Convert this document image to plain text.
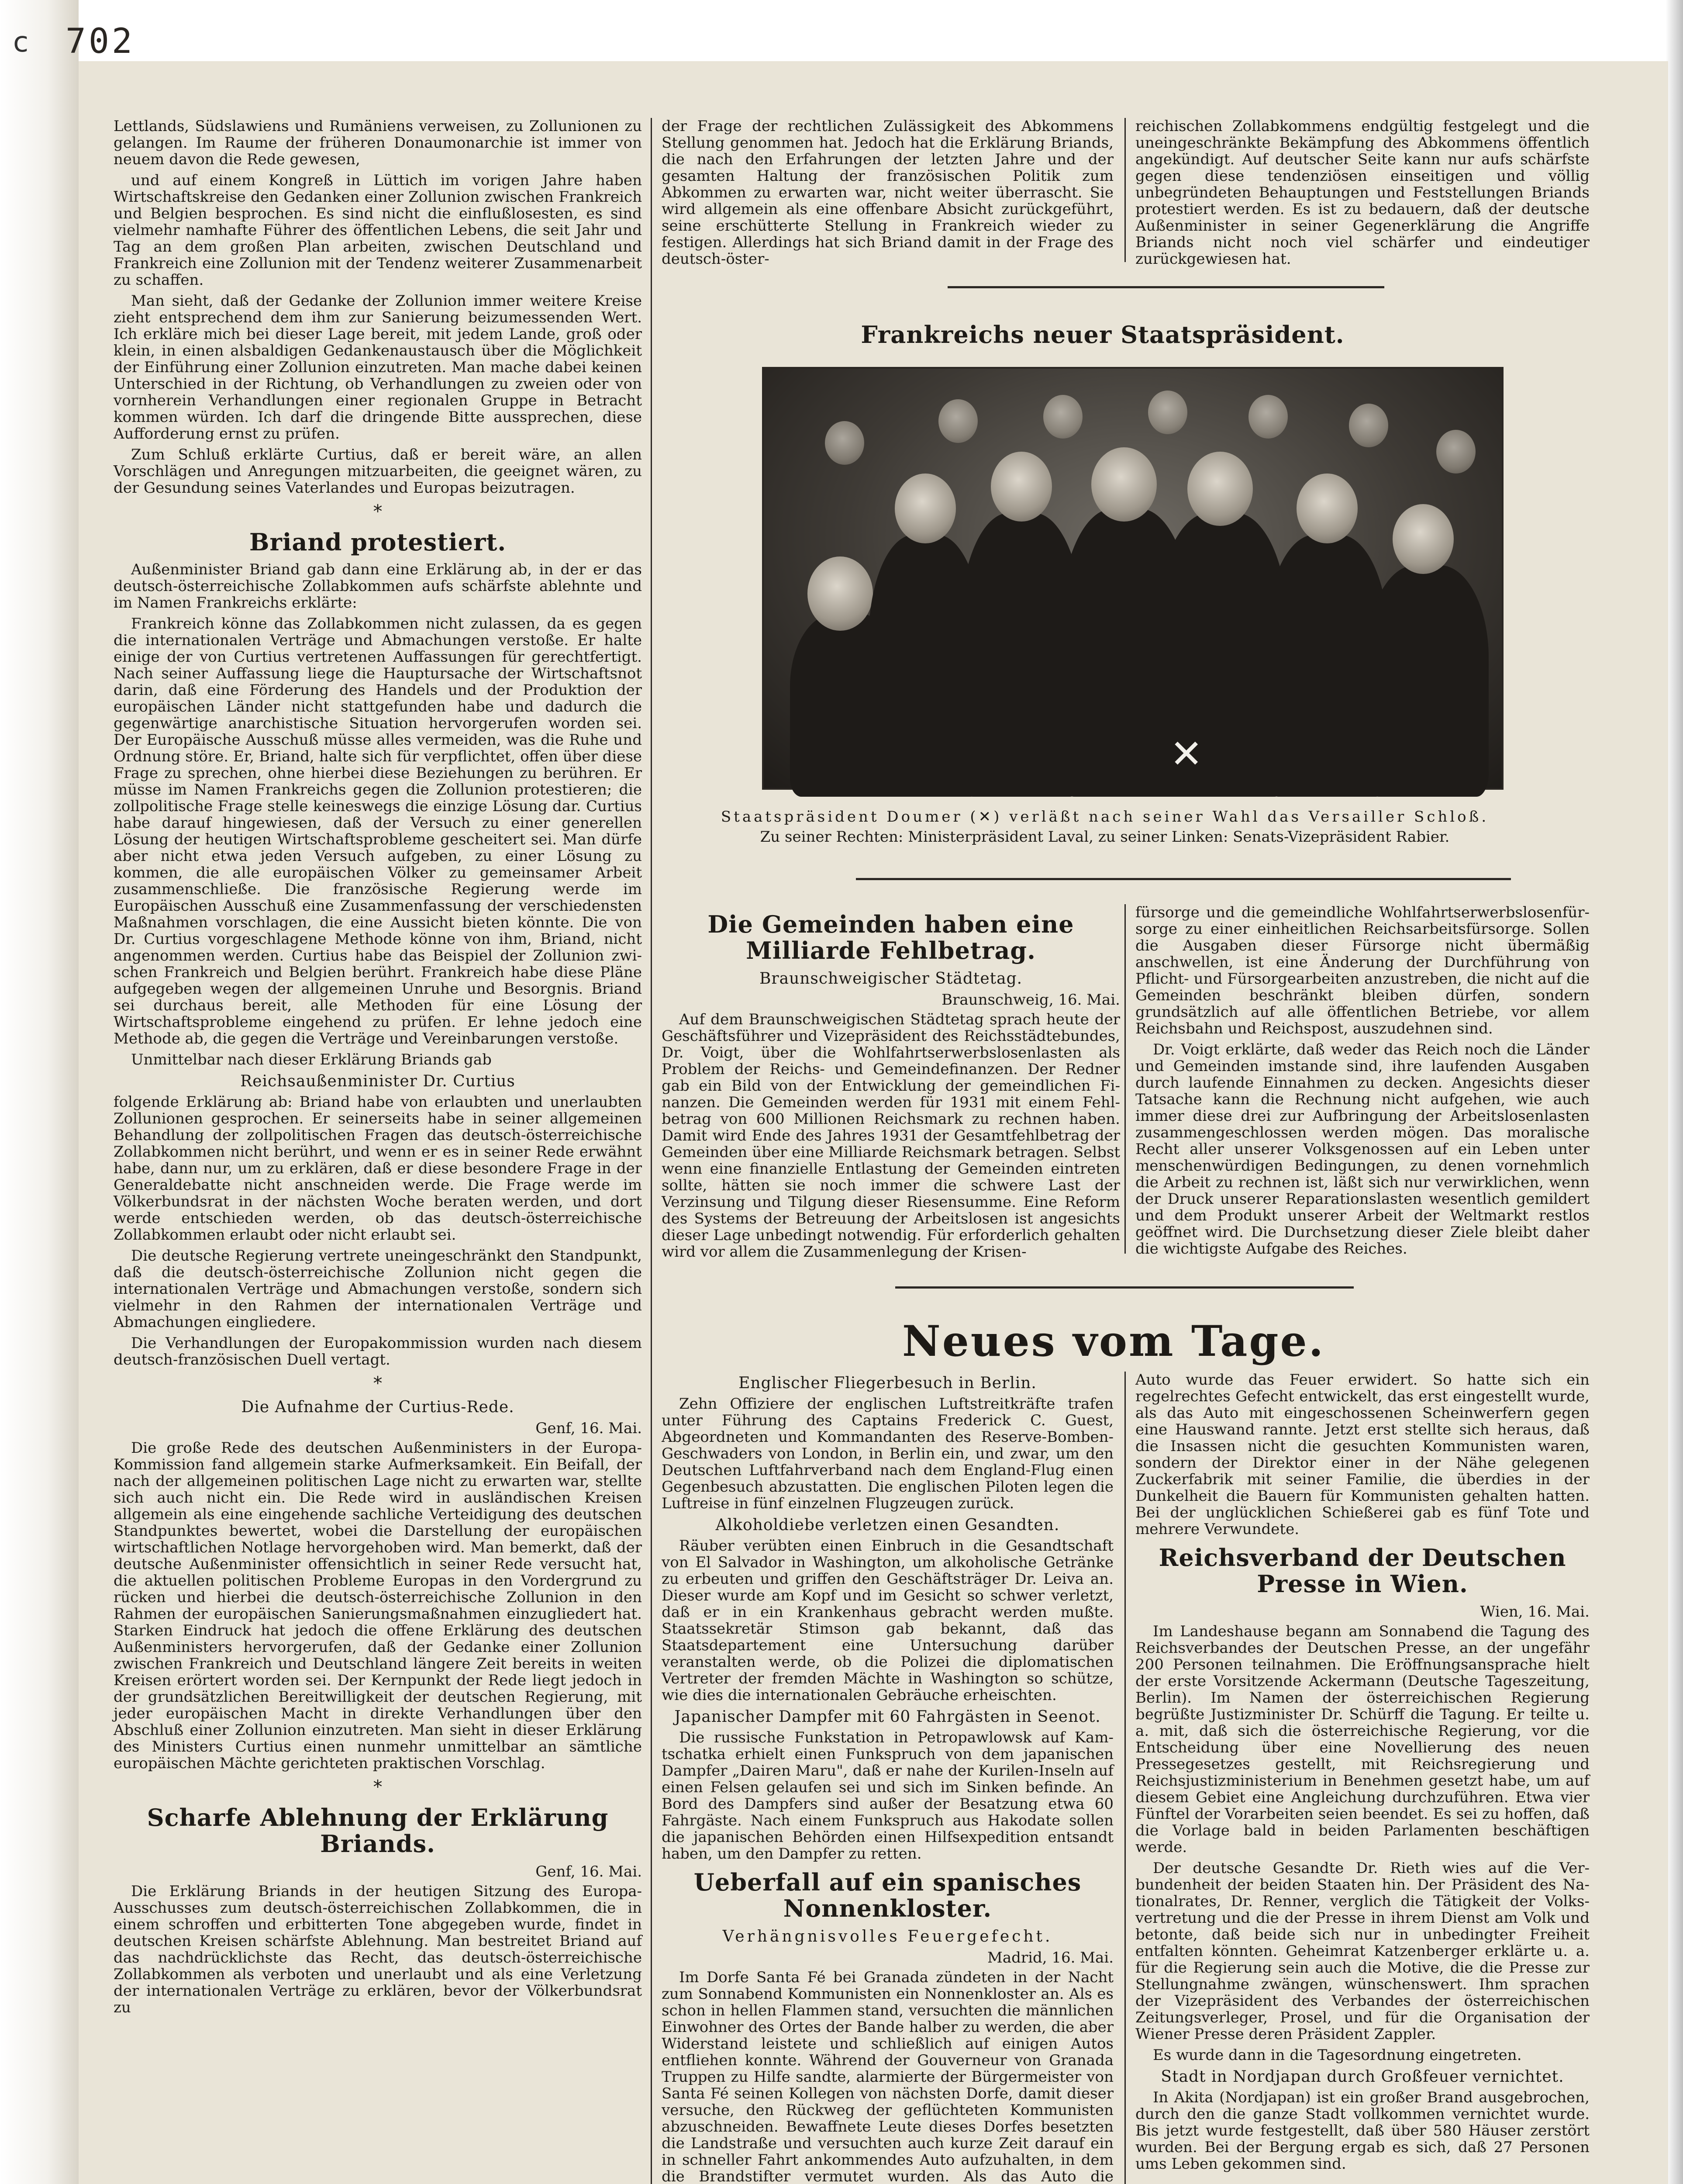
c 702

Lettlands, Südslawiens und Rumäniens verweisen, zu Zollunionen zu gelangen. Im Raume der früheren Donaumonarchie ist immer von neuem davon die Rede gewesen,

und auf einem Kongreß in Lüttich im vorigen Jahre haben Wirtschaftskreise den Gedanken einer Zollunion zwischen Frankreich und Belgien besprochen. Es sind nicht die einflußlosesten, es sind vielmehr namhafte Führer des öffentlichen Lebens, die seit Jahr und Tag an dem großen Plan arbeiten, zwischen Deutschland und Frankreich eine Zollunion mit der Tendenz weiterer Zusammenarbeit zu schaffen.

Man sieht, daß der Gedanke der Zollunion immer weitere Kreise zieht entsprechend dem ihm zur Sanierung beizumessenden Wert. Ich erkläre mich bei dieser Lage bereit, mit jedem Lande, groß oder klein, in einen alsbaldigen Gedankenaustausch über die Möglichkeit der Einführung einer Zollunion einzutreten. Man mache dabei keinen Unterschied in der Richtung, ob Verhandlungen zu zweien oder von vornherein Verhandlungen einer regionalen Gruppe in Betracht kommen würden. Ich darf die dringende Bitte aussprechen, diese Aufforderung ernst zu prüfen.

Zum Schluß erklärte Curtius, daß er bereit wäre, an allen Vorschlägen und Anregungen mitzuarbeiten, die geeignet wären, zu der Gesundung seines Vaterlandes und Europas beizutragen.

*
Briand protestiert.

Außenminister Briand gab dann eine Erklärung ab, in der er das deutsch-österreichische Zollabkommen aufs schärfste ablehnte und im Namen Frankreichs erklärte:

Frankreich könne das Zollabkommen nicht zulassen, da es gegen die internationalen Verträge und Abmachungen verstoße. Er halte einige der von Curtius vertretenen Auffassungen für gerechtfertigt. Nach seiner Auffassung liege die Hauptursache der Wirtschaftsnot darin, daß eine Förderung des Handels und der Produktion der europäischen Länder nicht stattgefunden habe und dadurch die gegenwärtige anarchistische Situation hervorgerufen worden sei. Der Europäische Ausschuß müsse alles vermeiden, was die Ruhe und Ordnung störe. Er, Briand, halte sich für verpflichtet, offen über diese Frage zu sprechen, ohne hierbei diese Beziehungen zu berühren. Er müsse im Namen Frankreichs gegen die Zollunion protestieren; die zollpolitische Frage stelle keineswegs die einzige Lösung dar. Curtius habe darauf hingewiesen, daß der Versuch zu einer generellen Lösung der heutigen Wirtschaftsprobleme gescheitert sei. Man dürfe aber nicht etwa jeden Versuch aufgeben, zu einer Lösung zu kommen, die alle europäischen Völker zu gemeinsamer Arbeit zusammenschließe. Die französische Regierung werde im Europäischen Ausschuß eine Zusammenfassung der verschiedensten Maßnahmen vorschlagen, die eine Aussicht bieten könnte. Die von Dr. Curtius vorgeschlagene Methode könne von ihm, Briand, nicht angenommen werden. Curtius habe das Beispiel der Zollunion zwischen Frankreich und Belgien berührt. Frankreich habe diese Pläne aufgegeben wegen der allgemeinen Unruhe und Besorgnis. Briand sei durchaus bereit, alle Methoden für eine Lösung der Wirtschaftsprobleme eingehend zu prüfen. Er lehne jedoch eine Methode ab, die gegen die Verträge und Vereinbarungen verstoße.

Unmittelbar nach dieser Erklärung Briands gab

Reichsaußenminister Dr. Curtius

folgende Erklärung ab: Briand habe von erlaubten und unerlaubten Zollunionen gesprochen. Er seinerseits habe in seiner allgemeinen Behandlung der zollpolitischen Fragen das deutsch-österreichische Zollabkommen nicht berührt, und wenn er es in seiner Rede erwähnt habe, dann nur, um zu erklären, daß er diese besondere Frage in der Generaldebatte nicht anschneiden werde. Die Frage werde im Völkerbundsrat in der nächsten Woche beraten werden, und dort werde entschieden werden, ob das deutsch-österreichische Zollabkommen erlaubt oder nicht erlaubt sei.

Die deutsche Regierung vertrete uneingeschränkt den Standpunkt, daß die deutsch-österreichische Zollunion nicht gegen die internationalen Verträge und Abmachungen verstoße, sondern sich vielmehr in den Rahmen der internationalen Verträge und Abmachungen eingliedere.

Die Verhandlungen der Europakommission wurden nach diesem deutsch-französischen Duell vertagt.

*
Die Aufnahme der Curtius-Rede.
Genf, 16. Mai.

Die große Rede des deutschen Außenministers in der Europa-Kommission fand allgemein starke Aufmerksamkeit. Ein Beifall, der nach der allgemeinen politischen Lage nicht zu erwarten war, stellte sich auch nicht ein. Die Rede wird in ausländischen Kreisen allgemein als eine eingehende sachliche Verteidigung des deutschen Standpunktes bewertet, wobei die Darstellung der europäischen wirtschaftlichen Notlage hervorgehoben wird. Man bemerkt, daß der deutsche Außenminister offensichtlich in seiner Rede versucht hat, die aktuellen politischen Probleme Europas in den Vordergrund zu rücken und hierbei die deutsch-österreichische Zollunion in den Rahmen der europäischen Sanierungsmaßnahmen einzugliedert hat. Starken Eindruck hat jedoch die offene Erklärung des deutschen Außenministers hervorgerufen, daß der Gedanke einer Zollunion zwischen Frankreich und Deutschland längere Zeit bereits in weiten Kreisen erörtert worden sei. Der Kernpunkt der Rede liegt jedoch in der grundsätzlichen Bereitwilligkeit der deutschen Regierung, mit jeder europäischen Macht in direkte Verhandlungen über den Abschluß einer Zollunion einzutreten. Man sieht in dieser Erklärung des Ministers Curtius einen nunmehr unmittelbar an sämtliche europäischen Mächte gerichteten praktischen Vorschlag.

*
Scharfe Ablehnung der Erklärung Briands.
Genf, 16. Mai.

Die Erklärung Briands in der heutigen Sitzung des Europa-Ausschusses zum deutsch-österreichischen Zollabkommen, die in einem schroffen und erbitterten Tone abgegeben wurde, findet in deutschen Kreisen schärfste Ablehnung. Man bestreitet Briand auf das nachdrücklichste das Recht, das deutsch-österreichische Zollabkommen als verboten und unerlaubt und als eine Verletzung der internationalen Verträge zu erklären, bevor der Völkerbundsrat zu

der Frage der rechtlichen Zulässigkeit des Abkommens Stellung genommen hat. Jedoch hat die Erklärung Briands, die nach den Erfahrungen der letzten Jahre und der gesamten Haltung der französischen Politik zum Abkommen zu erwarten war, nicht weiter überrascht. Sie wird allgemein als eine offenbare Absicht zurückgeführt, seine erschütterte Stellung in Frankreich wieder zu festigen. Allerdings hat sich Briand damit in der Frage des deutsch-öster-

reichischen Zollabkommens endgültig festgelegt und die uneingeschränkte Bekämpfung des Abkommens öffentlich angekündigt. Auf deutscher Seite kann nur aufs schärfste gegen diese tendenziösen einseitigen und völlig unbegründeten Behauptungen und Feststellungen Briands protestiert werden. Es ist zu bedauern, daß der deutsche Außenminister in seiner Gegenerklärung die Angriffe Briands nicht noch viel schärfer und eindeutiger zurückgewiesen hat.

Frankreichs neuer Staatspräsident.
✕

Staatspräsident Doumer (✕) verläßt nach seiner Wahl das Versailler Schloß.

Zu seiner Rechten: Ministerpräsident Laval, zu seiner Linken: Senats-Vizepräsident Rabier.

Die Gemeinden haben eine Milliarde Fehlbetrag.
Braunschweigischer Städtetag.
Braunschweig, 16. Mai.

Auf dem Braunschweigischen Städtetag sprach heute der Geschäftsführer und Vizepräsident des Reichsstädtebundes, Dr. Voigt, über die Wohlfahrtserwerbslosenlasten als Problem der Reichs- und Gemeindefinanzen. Der Redner gab ein Bild von der Entwicklung der gemeindlichen Finanzen. Die Gemeinden werden für 1931 mit einem Fehlbetrag von 600 Millionen Reichsmark zu rechnen haben. Damit wird Ende des Jahres 1931 der Gesamtfehlbetrag der Gemeinden über eine Milliarde Reichsmark betragen. Selbst wenn eine finanzielle Entlastung der Gemeinden eintreten sollte, hätten sie noch immer die schwere Last der Verzinsung und Tilgung dieser Riesensumme. Eine Reform des Systems der Betreuung der Arbeitslosen ist angesichts dieser Lage unbedingt notwendig. Für erforderlich gehalten wird vor allem die Zusammenlegung der Krisen-

fürsorge und die gemeindliche Wohlfahrtserwerbslosenfürsorge zu einer einheitlichen Reichsarbeitsfürsorge. Sollen die Ausgaben dieser Fürsorge nicht übermäßig anschwellen, ist eine Änderung der Durchführung von Pflicht- und Fürsorgearbeiten anzustreben, die nicht auf die Gemeinden beschränkt bleiben dürfen, sondern grundsätzlich auf alle öffentlichen Betriebe, vor allem Reichsbahn und Reichspost, auszudehnen sind.

Dr. Voigt erklärte, daß weder das Reich noch die Länder und Gemeinden imstande sind, ihre laufenden Ausgaben durch laufende Einnahmen zu decken. Angesichts dieser Tatsache kann die Rechnung nicht aufgehen, wie auch immer diese drei zur Aufbringung der Arbeitslosenlasten zusammengeschlossen werden mögen. Das moralische Recht aller unserer Volksgenossen auf ein Leben unter menschenwürdigen Bedingungen, zu denen vornehmlich die Arbeit zu rechnen ist, läßt sich nur verwirklichen, wenn der Druck unserer Reparationslasten wesentlich gemildert und dem Produkt unserer Arbeit der Weltmarkt restlos geöffnet wird. Die Durchsetzung dieser Ziele bleibt daher die wichtigste Aufgabe des Reiches.

Neues vom Tage.
Englischer Fliegerbesuch in Berlin.

Zehn Offiziere der englischen Luftstreitkräfte trafen unter Führung des Captains Frederick C. Guest, Abgeordneten und Kommandanten des Reserve-Bomben-Geschwaders von London, in Berlin ein, und zwar, um den Deutschen Luftfahrverband nach dem England-Flug einen Gegenbesuch abzustatten. Die englischen Piloten legen die Luftreise in fünf einzelnen Flugzeugen zurück.

Alkoholdiebe verletzen einen Gesandten.

Räuber verübten einen Einbruch in die Gesandtschaft von El Salvador in Washington, um alkoholische Getränke zu erbeuten und griffen den Geschäftsträger Dr. Leiva an. Dieser wurde am Kopf und im Gesicht so schwer verletzt, daß er in ein Krankenhaus gebracht werden mußte. Staatssekretär Stimson gab bekannt, daß das Staatsdepartement eine Untersuchung darüber veranstalten werde, ob die Polizei die diplomatischen Vertreter der fremden Mächte in Washington so schütze, wie dies die internationalen Gebräuche erheischten.

Japanischer Dampfer mit 60 Fahrgästen in Seenot.

Die russische Funkstation in Petropawlowsk auf Kamtschatka erhielt einen Funkspruch von dem japanischen Dampfer „Dairen Maru", daß er nahe der Kurilen-Inseln auf einen Felsen gelaufen sei und sich im Sinken befinde. An Bord des Dampfers sind außer der Besatzung etwa 60 Fahrgäste. Nach einem Funkspruch aus Hakodate sollen die japanischen Behörden einen Hilfsexpedition entsandt haben, um den Dampfer zu retten.

Ueberfall auf ein spanisches Nonnenkloster.
Verhängnisvolles Feuergefecht.
Madrid, 16. Mai.

Im Dorfe Santa Fé bei Granada zündeten in der Nacht zum Sonnabend Kommunisten ein Nonnenkloster an. Als es schon in hellen Flammen stand, versuchten die männlichen Einwohner des Ortes der Bande halber zu werden, die aber Widerstand leistete und schließlich auf einigen Autos entfliehen konnte. Während der Gouverneur von Granada Truppen zu Hilfe sandte, alarmierte der Bürgermeister von Santa Fé seinen Kollegen von nächsten Dorfe, damit dieser versuche, den Rückweg der geflüchteten Kommunisten abzuschneiden. Bewaffnete Leute dieses Dorfes besetzten die Landstraße und versuchten auch kurze Zeit darauf ein in schneller Fahrt ankommendes Auto aufzuhalten, in dem die Brandstifter vermutet wurden. Als das Auto die

Auto wurde das Feuer erwidert. So hatte sich ein regelrechtes Gefecht entwickelt, das erst eingestellt wurde, als das Auto mit eingeschossenen Scheinwerfern gegen eine Hauswand rannte. Jetzt erst stellte sich heraus, daß die Insassen nicht die gesuchten Kommunisten waren, sondern der Direktor einer in der Nähe gelegenen Zuckerfabrik mit seiner Familie, die überdies in der Dunkelheit die Bauern für Kommunisten gehalten hatten. Bei der unglücklichen Schießerei gab es fünf Tote und mehrere Verwundete.

Reichsverband der Deutschen Presse in Wien.
Wien, 16. Mai.

Im Landeshause begann am Sonnabend die Tagung des Reichsverbandes der Deutschen Presse, an der ungefähr 200 Personen teilnahmen. Die Eröffnungsansprache hielt der erste Vorsitzende Ackermann (Deutsche Tageszeitung, Berlin). Im Namen der österreichischen Regierung begrüßte Justizminister Dr. Schürff die Tagung. Er teilte u. a. mit, daß sich die österreichische Regierung, vor die Entscheidung über eine Novellierung des neuen Pressegesetzes gestellt, mit Reichsregierung und Reichsjustizministerium in Benehmen gesetzt habe, um auf diesem Gebiet eine Angleichung durchzuführen. Etwa vier Fünftel der Vorarbeiten seien beendet. Es sei zu hoffen, daß die Vorlage bald in beiden Parlamenten beschäftigen werde.

Der deutsche Gesandte Dr. Rieth wies auf die Verbundenheit der beiden Staaten hin. Der Präsident des Nationalrates, Dr. Renner, verglich die Tätigkeit der Volksvertretung und die der Presse in ihrem Dienst am Volk und betonte, daß beide sich nur in unbedingter Freiheit entfalten könnten. Geheimrat Katzenberger erklärte u. a. für die Regierung sein auch die Motive, die die Presse zur Stellungnahme zwängen, wünschenswert. Ihm sprachen der Vizepräsident des Verbandes der österreichischen Zeitungsverleger, Prosel, und für die Organisation der Wiener Presse deren Präsident Zappler.

Es wurde dann in die Tagesordnung eingetreten.

Stadt in Nordjapan durch Großfeuer vernichtet.

In Akita (Nordjapan) ist ein großer Brand ausgebrochen, durch den die ganze Stadt vollkommen vernichtet wurde. Bis jetzt wurde festgestellt, daß über 580 Häuser zerstört wurden. Bei der Bergung ergab es sich, daß 27 Personen ums Leben gekommen sind.
